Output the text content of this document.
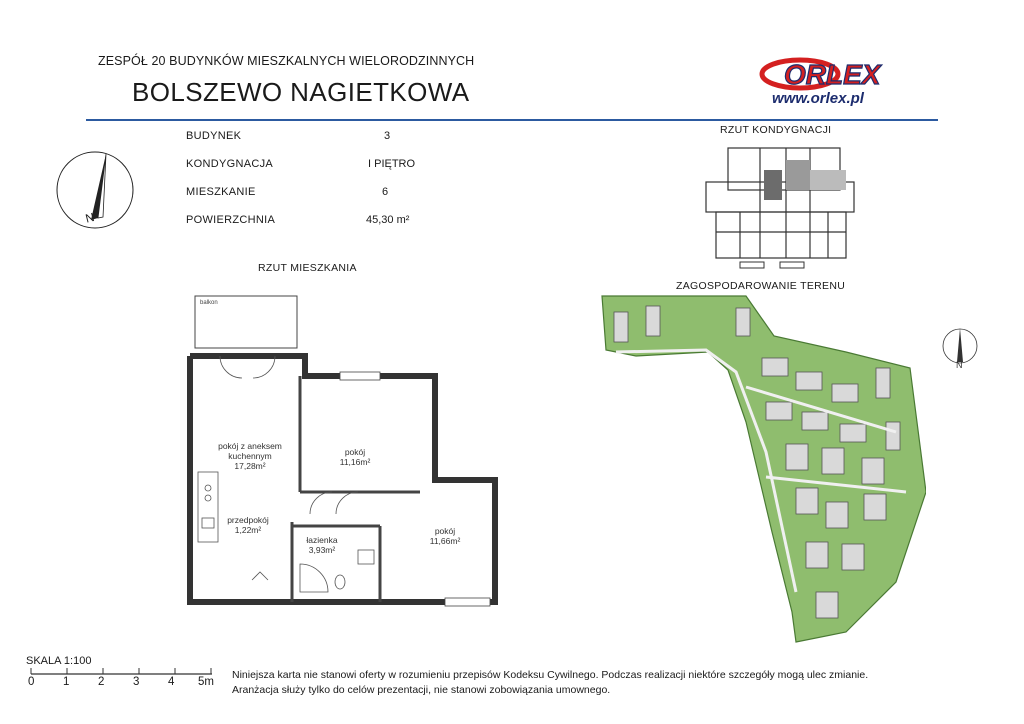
ZESPÓŁ 20 BUDYNKÓW MIESZKALNYCH WIELORODZINNYCH
BOLSZEWO NAGIETKOWA
ORLEX
www.orlex.pl
BUDYNEK	3
KONDYGNACJA	I PIĘTRO
MIESZKANIE	6
POWIERZCHNIA	45,30 m²
N
RZUT KONDYGNACJI
RZUT MIESZKANIA
ZAGOSPODAROWANIE TERENU
balkon
pokój z aneksem
kuchennym
17,28m²
pokój
11,16m²
pokój
11,66m²
przedpokój
1,22m²
łazienka
3,93m²
N
SKALA 1:100
0 1 2 3 4 5m
Niniejsza karta nie stanowi oferty w rozumieniu przepisów Kodeksu Cywilnego. Podczas realizacji niektóre szczegóły mogą ulec zmianie.
Aranżacja służy tylko do celów prezentacji, nie stanowi zobowiązania umownego.
